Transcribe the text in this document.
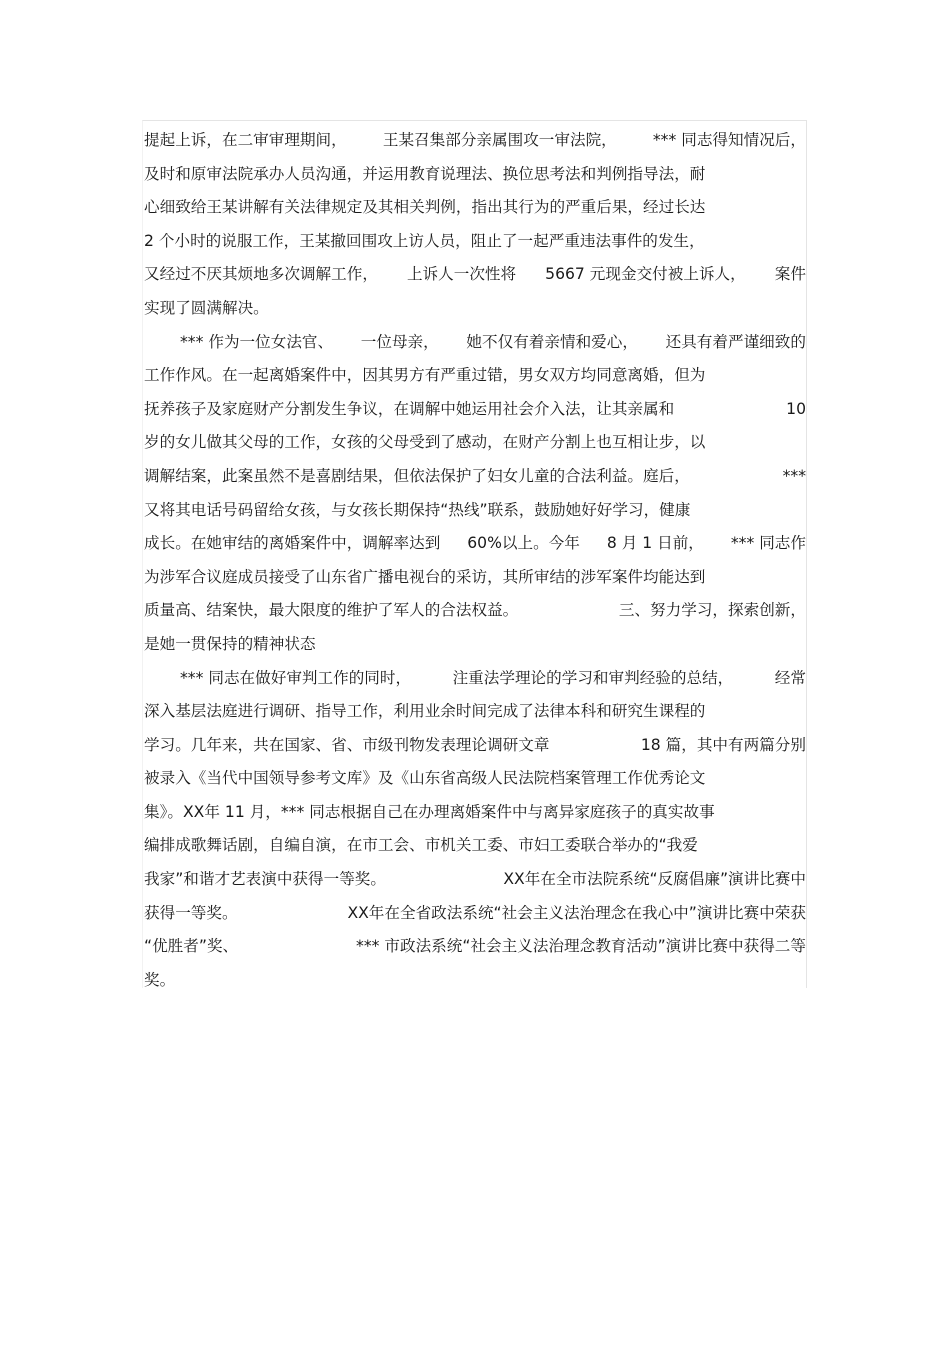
提起上诉，在二审审理期间， 王某召集部分亲属围攻一审法院， *** 同志得知情况后，
及时和原审法院承办人员沟通，并运用教育说理法、换位思考法和判例指导法，耐
心细致给王某讲解有关法律规定及其相关判例，指出其行为的严重后果，经过长达
2 个小时的说服工作，王某撤回围攻上访人员，阻止了一起严重违法事件的发生，
又经过不厌其烦地多次调解工作， 上诉人一次性将 5667 元现金交付被上诉人， 案件
实现了圆满解决。
*** 作为一位女法官、 一位母亲， 她不仅有着亲情和爱心， 还具有着严谨细致的
工作作风。在一起离婚案件中，因其男方有严重过错，男女双方均同意离婚，但为
抚养孩子及家庭财产分割发生争议，在调解中她运用社会介入法，让其亲属和	10
岁的女儿做其父母的工作，女孩的父母受到了感动，在财产分割上也互相让步，以
调解结案，此案虽然不是喜剧结果，但依法保护了妇女儿童的合法利益。庭后，	***
又将其电话号码留给女孩，与女孩长期保持“热线”联系，鼓励她好好学习，健康
成长。在她审结的离婚案件中，调解率达到 60%以上。今年 8 月 1 日前， *** 同志作
为涉军合议庭成员接受了山东省广播电视台的采访，其所审结的涉军案件均能达到
质量高、结案快，最大限度的维护了军人的合法权益。	三、努力学习，探索创新，
是她一贯保持的精神状态
*** 同志在做好审判工作的同时，	注重法学理论的学习和审判经验的总结，	经常
深入基层法庭进行调研、指导工作，利用业余时间完成了法律本科和研究生课程的
学习。几年来，共在国家、省、市级刊物发表理论调研文章	18 篇，其中有两篇分别
被录入《当代中国领导参考文库》及《山东省高级人民法院档案管理工作优秀论文
集》。XX年 11 月，*** 同志根据自己在办理离婚案件中与离异家庭孩子的真实故事
编排成歌舞话剧，自编自演，在市工会、市机关工委、市妇工委联合举办的“我爱
我家”和谐才艺表演中获得一等奖。	XX年在全市法院系统“反腐倡廉”演讲比赛中
获得一等奖。	XX年在全省政法系统“社会主义法治理念在我心中”演讲比赛中荣获
“优胜者”奖、	*** 市政法系统“社会主义法治理念教育活动”演讲比赛中获得二等
奖。
